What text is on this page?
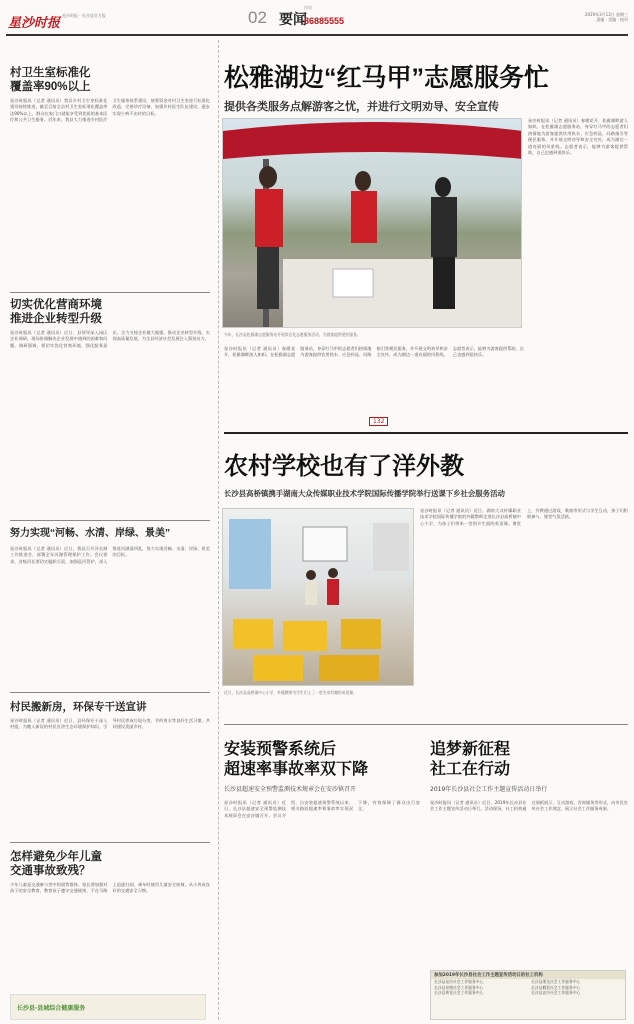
星沙时报
星沙时报 · 长沙县官方报	02 要闻
热线
86885555
2019年3月13日 星期三
责编 · 美编 · 校对
村卫生室标准化
覆盖率90%以上
星沙时报讯（记者 通讯员）我县乡村卫生室标准化建设持续推进，截至目前全县村卫生室标准化覆盖率达90%以上，群众在家门口就能享受到优质的基本医疗和公共卫生服务。近年来，我县大力推进乡村医疗卫生服务体系建设，统筹资金对村卫生室进行标准化改造，完善诊疗设备，加强乡村医生队伍建设，逐步实现小病不出村的目标。
切实优化营商环境
推进企业转型升级
星沙时报讯（记者 通讯员）近日，县领导深入园区企业调研，现场协调解决企业发展中遇到的困难和问题。调研强调，要切实优化营商环境，强化服务意识，全力支持企业做大做强，推动企业转型升级，实现高质量发展，为全县经济社会发展注入强劲动力。
努力实现“河畅、水清、岸绿、景美”
星沙时报讯（记者 通讯员）近日，我县召开河长制工作推进会，部署全年河湖管理保护工作。会议要求，各级河长要切实履职尽责，加强巡河管护，深入推进河湖清四乱，努力实现河畅、水清、岸绿、景美的目标。
村民搬新房，环保专干送宣讲
星沙时报讯（记者 通讯员）近日，县环保专干深入村组，为搬入新居的村民宣讲生态环境保护知识，引导村民养成垃圾分类、节约用水等良好生活习惯，共同建设美丽乡村。
怎样避免少年儿童
交通事故致残？
少年儿童是交通参与者中的弱势群体。家长要加强对孩子的安全教育，教育孩子遵守交通规则，不在马路上追逐打闹，乘车时使用儿童安全座椅，从小养成良好的交通安全习惯。
长沙县·县城综合健康服务
松雅湖边“红马甲”志愿服务忙
提供各类服务点解游客之忧，并进行文明劝导、安全宣传
星沙时报讯（记者 通讯员）春暖花开，松雅湖畔游人如织。在松雅湖志愿服务站，身穿红马甲的志愿者们热情地为游客提供饮用热水、应急药品、问路指引等便民服务，并开展文明劝导和安全宣传，成为湖边一道亮丽的风景线。志愿者表示，能够为游客提供帮助，自己也感到很快乐。
今年，长沙县松雅湖志愿服务站开展常态化志愿服务活动，为游客提供便民服务。
星沙时报讯（记者 通讯员）春暖花开，松雅湖畔游人如织。在松雅湖志愿服务站，身穿红马甲的志愿者们热情地为游客提供饮用热水、应急药品、问路指引等便民服务，并开展文明劝导和安全宣传，成为湖边一道亮丽的风景线。志愿者表示，能够为游客提供帮助，自己也感到很快乐。
132
农村学校也有了洋外教
长沙县高桥镇携手湖南大众传媒职业技术学院国际传播学院举行送课下乡社会服务活动
近日，长沙县高桥镇中心小学，外籍教师为学生们上了一堂生动有趣的英语课。
星沙时报讯（记者 通讯员）近日，湖南大众传媒职业技术学院国际传播学院的外籍教师走进长沙县高桥镇中心小学，为孩子们带来一堂别开生面的英语课。课堂上，外教通过游戏、歌曲等形式与学生互动，孩子们积极参与，课堂气氛活跃。
安装预警系统后
超速率事故率双下降
长沙县超速安全预警监测技术规章会在安沙镇召开
星沙时报讯（记者 通讯员）近日，长沙县超速安全预警监测技术规章会在安沙镇召开。会议介绍，自安装超速预警系统以来，相关路段超速率和事故率实现双下降，有效保障了群众出行安全。
追梦新征程
社工在行动
2019年长沙县社会工作主题宣传活动日举行
星沙时报讯（记者 通讯员）近日，2019年长沙县社会工作主题宣传活动日举行。活动现场，社工机构通过展板展示、互动游戏、咨询服务等形式，向市民宣传社会工作理念，展示社会工作服务成果。
参加2019年长沙县社会工作主题宣传活动日的社工机构
长沙县星沙社会工作服务中心	长沙县湘龙社会工作服务中心
长沙县泉塘社会工作服务中心	长沙县榔梨社会工作服务中心
长沙县黄花社会工作服务中心	长沙县安沙社会工作服务中心
